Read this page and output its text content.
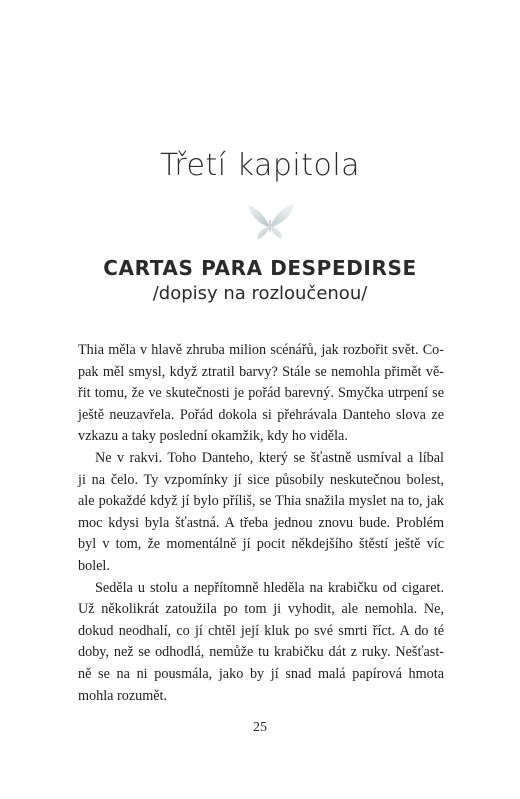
Třetí kapitola
CARTAS PARA DESPEDIRSE
/dopisy na rozloučenou/

Thia měla v hlavě zhruba milion scénářů, jak rozbořit svět. Co-
pak měl smysl, když ztratil barvy? Stále se nemohla přimět vě-
řit tomu, že ve skutečnosti je pořád barevný. Smyčka utrpení se
ještě neuzavřela. Pořád dokola si přehrávala Danteho slova ze
vzkazu a taky poslední okamžik, kdy ho viděla.

Ne v rakvi. Toho Danteho, který se šťastně usmíval a líbal
ji na čelo. Ty vzpomínky jí sice působily neskutečnou bolest,
ale pokaždé když jí bylo příliš, se Thia snažila myslet na to, jak
moc kdysi byla šťastná. A třeba jednou znovu bude. Problém
byl v tom, že momentálně jí pocit někdejšího štěstí ještě víc
bolel.

Seděla u stolu a nepřítomně hleděla na krabičku od cigaret.
Už několikrát zatoužila po tom ji vyhodit, ale nemohla. Ne,
dokud neodhalí, co jí chtěl její kluk po své smrti říct. A do té
doby, než se odhodlá, nemůže tu krabičku dát z ruky. Nešťast-
ně se na ni pousmála, jako by jí snad malá papírová hmota
mohla rozumět.

25
